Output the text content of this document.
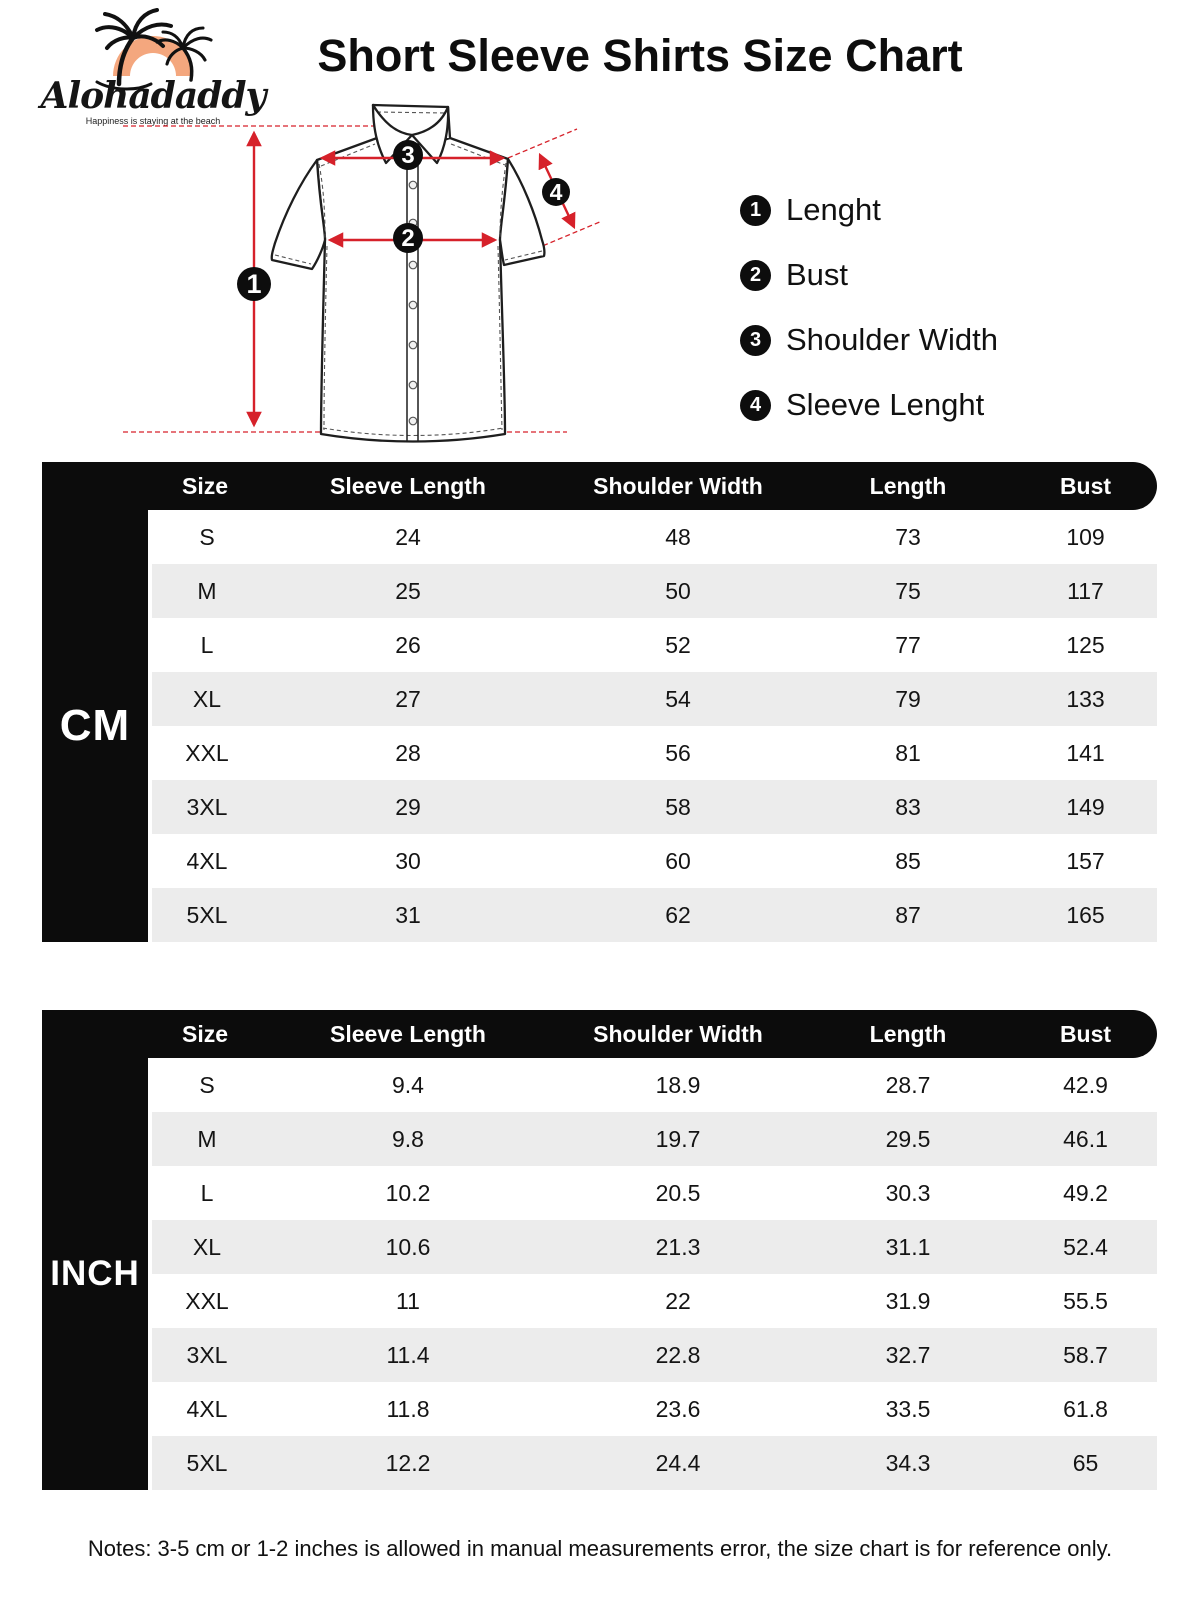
Alohadaddy
Happiness is staying at the beach
Short Sleeve Shirts Size Chart
1
2
3
4
1 Lenght
2 Bust
3 Shoulder Width
4 Sleeve Lenght
Size	Sleeve Length	Shoulder Width	Length	Bust
CM
S	24	48	73	109
M	25	50	75	117
L	26	52	77	125
XL	27	54	79	133
XXL	28	56	81	141
3XL	29	58	83	149
4XL	30	60	85	157
5XL	31	62	87	165
Size	Sleeve Length	Shoulder Width	Length	Bust
INCH
S	9.4	18.9	28.7	42.9
M	9.8	19.7	29.5	46.1
L	10.2	20.5	30.3	49.2
XL	10.6	21.3	31.1	52.4
XXL	11	22	31.9	55.5
3XL	11.4	22.8	32.7	58.7
4XL	11.8	23.6	33.5	61.8
5XL	12.2	24.4	34.3	65

Notes: 3-5 cm or 1-2 inches is allowed in manual measurements error, the size chart is for reference only.
